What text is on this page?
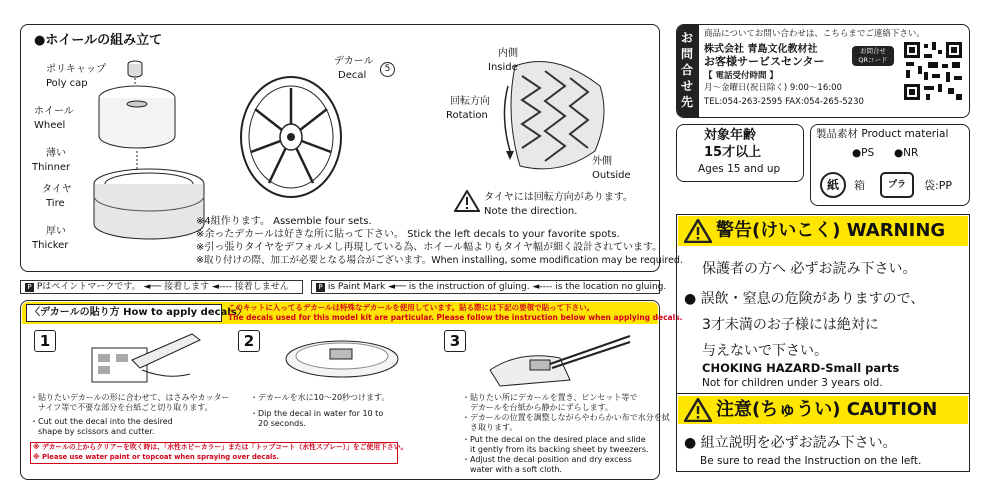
●ホイールの組み立て
ポリキャップ
Poly cap
ホイール
Wheel
薄い
Thinner
タイヤ
Tire
厚い
Thicker
デカール
Decal
5
内側
Inside
回転方向
Rotation
外側
Outside
タイヤには回転方向があります。
Note the direction.
※4組作ります。 Assemble four sets.
※余ったデカールは好きな所に貼って下さい。 Stick the left decals to your favorite spots.
※引っ張りタイヤをデフォルメし再現している為、ホイール幅よりもタイヤ幅が細く設計されています。
※取り付けの際、加工が必要となる場合がございます。When installing, some modification may be required.
P Pはペイントマークです。 ◄── 接着します ◄---- 接着しません	P is Paint Mark ◄── is the instruction of gluing. ◄---- is the location no gluing.
〈デカールの貼り方 How to apply decals〉
このキットに入ってるデカールは特殊なデカールを使用しています。貼る際には下記の要領で貼って下さい。
The decals used for this model kit are particular. Please follow the instruction below when applying decals.
1
・貼りたいデカールの形に合わせて、はさみやカッター
　ナイフ等で不要な部分を台紙ごと切り取ります。
・Cut out the decal into the desired
　shape by scissors and cutter.
2
・デカールを水に10〜20秒つけます。
・Dip the decal in water for 10 to
　20 seconds.
3
・貼りたい所にデカールを置き、ピンセット等で
　デカールを台紙から静かにずらします。
・デカールの位置を調整しながらやわらかい布で水分を拭
　き取ります。
・Put the decal on the desired place and slide
　it gently from its backing sheet by tweezers.
・Adjust the decal position and dry excess
　water with a soft cloth.
※ デカールの上からクリアーを吹く時は、「水性ホビーカラー」または「トップコート（水性スプレー）」をご使用下さい。
※ Please use water paint or topcoat when spraying over decals.
お問合せ先
商品についてお問い合わせは、こちらまでご連絡下さい。
株式会社 青島文化教材社
お客様サービスセンター
【 電話受付時間 】
月〜金曜日(祝日除く) 9:00〜16:00
TEL:054-263-2595 FAX:054-265-5230
お問合せ
QRコード
対象年齢
15才以上
Ages 15 and up
製品素材 Product material
●PS ●NR
紙	箱	プラ	袋:PP
警告(けいこく) WARNING
保護者の方へ 必ずお読み下さい。
● 誤飲・窒息の危険がありますので、
3才未満のお子様には絶対に
与えないで下さい。
CHOKING HAZARD-Small parts
Not for children under 3 years old.
注意(ちゅうい) CAUTION
● 組立説明を必ずお読み下さい。
Be sure to read the Instruction on the left.
